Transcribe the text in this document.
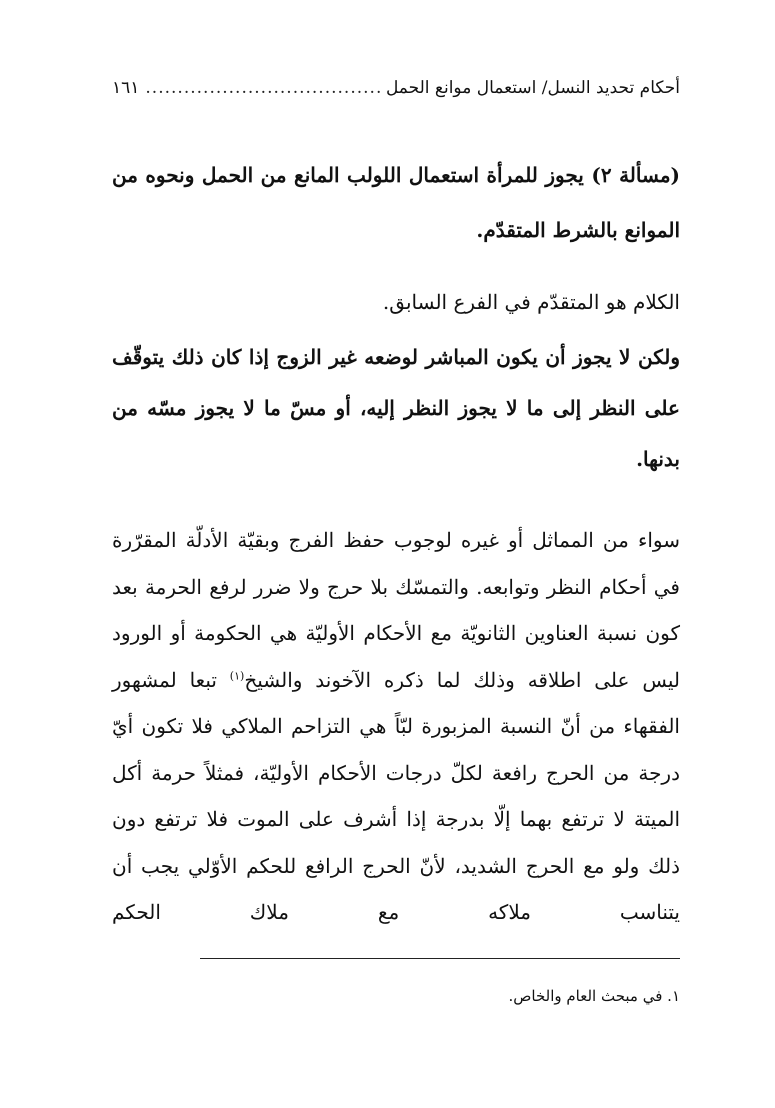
أحكام تحديد النسل/ استعمال موانع الحمل
.....
١٦١

(مسألة ٢) يجوز للمرأة استعمال اللولب المانع من الحمل ونحوه من الموانع بالشرط المتقدّم.

الكلام هو المتقدّم في الفرع السابق.

ولكن لا يجوز أن يكون المباشر لوضعه غير الزوج إذا كان ذلك يتوقّف على النظر إلى ما لا يجوز النظر إليه، أو مسّ ما لا يجوز مسّه من بدنها.

سواء من المماثل أو غيره لوجوب حفظ الفرج وبقيّة الأدلّة المقرّرة في أحكام النظر وتوابعه. والتمسّك بلا حرج ولا ضرر لرفع الحرمة بعد كون نسبة العناوين الثانويّة مع الأحكام الأوليّة هي الحكومة أو الورود ليس على اطلاقه وذلك لما ذكره الآخوند والشيخ$^{(١)}$ تبعا لمشهور الفقهاء من أنّ النسبة المزبورة لبّاً هي التزاحم الملاكي فلا تكون أيّ درجة من الحرج رافعة لكلّ درجات الأحكام الأوليّة، فمثلاً حرمة أكل الميتة لا ترتفع بهما إلّا بدرجة إذا أشرف على الموت فلا ترتفع دون ذلك ولو مع الحرج الشديد، لأنّ الحرج الرافع للحكم الأوّلي يجب أن يتناسب ملاكه مع ملاك الحكم

١. في مبحث العام والخاص.
